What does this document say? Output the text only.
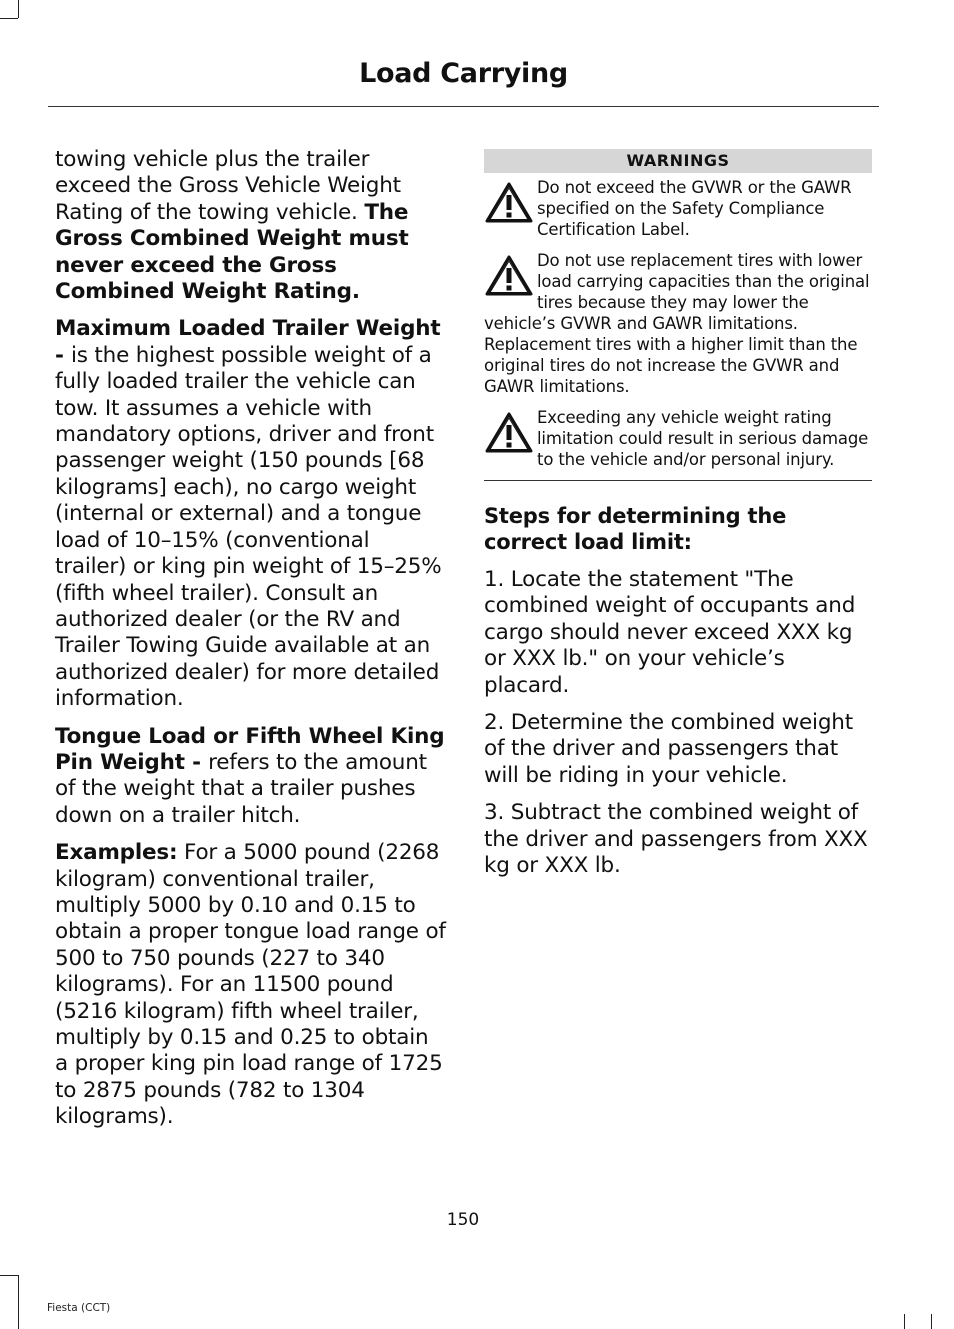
Load Carrying

towing vehicle plus the trailer exceed the Gross Vehicle Weight Rating of the towing vehicle. The Gross Combined Weight must never exceed the Gross Combined Weight Rating.

Maximum Loaded Trailer Weight - is the highest possible weight of a fully loaded trailer the vehicle can tow. It assumes a vehicle with mandatory options, driver and front passenger weight (150 pounds [68 kilograms] each), no cargo weight (internal or external) and a tongue load of 10–15% (conventional trailer) or king pin weight of 15–25% (fifth wheel trailer). Consult an authorized dealer (or the RV and Trailer Towing Guide available at an authorized dealer) for more detailed information.

Tongue Load or Fifth Wheel King Pin Weight - refers to the amount of the weight that a trailer pushes down on a trailer hitch.

Examples: For a 5000 pound (2268 kilogram) conventional trailer, multiply 5000 by 0.10 and 0.15 to obtain a proper tongue load range of 500 to 750 pounds (227 to 340 kilograms). For an 11500 pound (5216 kilogram) fifth wheel trailer, multiply by 0.15 and 0.25 to obtain a proper king pin load range of 1725 to 2875 pounds (782 to 1304 kilograms).

WARNINGS
Do not exceed the GVWR or the GAWR specified on the Safety Compliance Certification Label.
Do not use replacement tires with lower load carrying capacities than the original tires because they may lower the vehicle’s GVWR and GAWR limitations. Replacement tires with a higher limit than the original tires do not increase the GVWR and GAWR limitations.
Exceeding any vehicle weight rating limitation could result in serious damage to the vehicle and/or personal injury.
Steps for determining the correct load limit:

1. Locate the statement "The combined weight of occupants and cargo should never exceed XXX kg or XXX lb." on your vehicle’s placard.

2. Determine the combined weight of the driver and passengers that will be riding in your vehicle.

3. Subtract the combined weight of the driver and passengers from XXX kg or XXX lb.

150
Fiesta (CCT)
